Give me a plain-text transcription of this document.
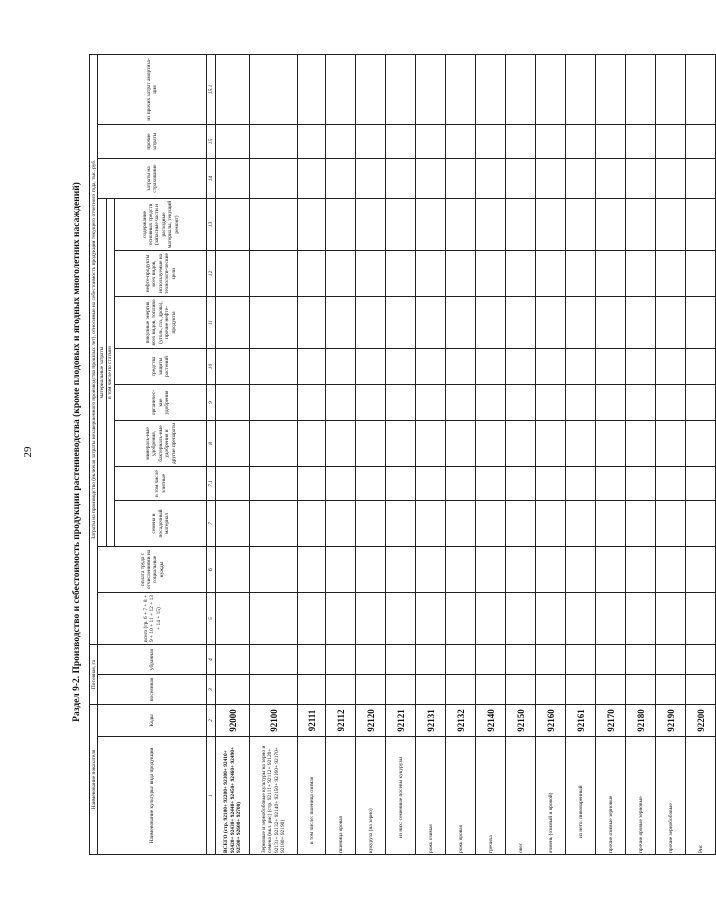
29	Раздел 9-2. Производство и себестоимость продукции растениеводства (кроме плодовых и ягодных многолетних насаждений)
Наименование показателя		Посевная, га		Затраты на производство (включая затраты незавершенного производства прошлых лет), относимые на себестоимость продукции текущего отчетного года, тыс. руб.												
Наименование культуры/ вида продукции	Коды	посеянная	убранная	всего (гр. 6 + 7 + 8 + 9 + 10 + 11 + 12 + 13 + 14 + 15)	оплата труда с отчислениями на социальные нужды	материальные затраты								затраты на страхование	прочие затраты	из прочих затрат амортиза-ция
						в том числе по статьям										
						семена и посадочный материал	в том числе элитные	минераль-ные удобрения, бактериаль-ные удобрения и другие препараты	органичес-кие удобрения	средства защиты растений	покупные энергия всех видов, топливо (уголь, газ, дрова), прочие нефте-продукты	нефте-продукты всех видов, используемые на технологи-ческие цели	содержание основных средств (запасные части и расходные материалы, текущий ремонт)			
1	2	3	4	5	6	7	7.1	8	9	10	11	12	13	14	15	15.1
ВСЕГО (стр. 92100+ 92200+ 92300+ 92410+ 92420+ 92430+ 92440+ 92450+ 92460+ 92490+ 92500+ 92600+ 92700)	92000															
Зерновые и зернобобовые культуры на зерно и семена (вкл. рис) (стр. 92111+ 92112+ 92120+ 92131+ 92132+ 92140+ 92150+ 92160+ 92170+ 92180+ 92190)	92100															
в том числе: пшеница озимая	92111															
пшеница яровая	92112															
кукуруза (на зерно)	92120															
из них: семенные посевы кукурузы	92121															
рожь озимая	92131															
рожь яровая	92132															
гречиха	92140															
овес	92150															
ячмень (озимый и яровой)	92160															
из него: пивоваренный	92161															
прочие озимые зерновые	92170															
прочие яровые зерновые	92180															
прочие зернобобовые	92190															
Рис	92200															
